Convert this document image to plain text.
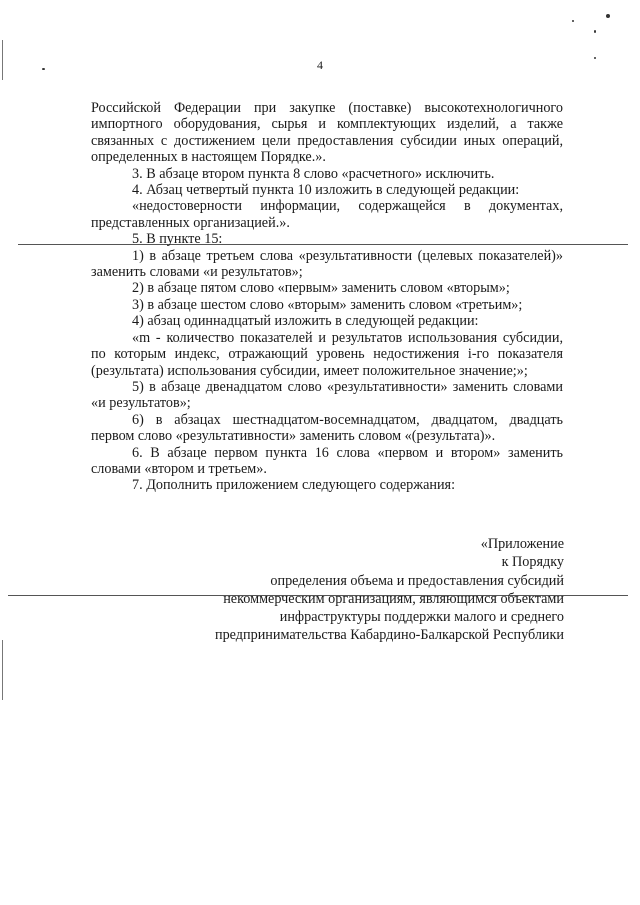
4

Российской Федерации при закупке (поставке) высокотехнологичного импортного оборудования, сырья и комплектующих изделий, а также связанных с достижением цели предоставления субсидии иных операций, определенных в настоящем Порядке.».

3. В абзаце втором пункта 8 слово «расчетного» исключить.

4. Абзац четвертый пункта 10 изложить в следующей редакции:

«недостоверности информации, содержащейся в документах, представленных организацией.».

5. В пункте 15:

1) в абзаце третьем слова «результативности (целевых показателей)» заменить словами «и результатов»;

2) в абзаце пятом слово «первым» заменить словом «вторым»;

3) в абзаце шестом слово «вторым» заменить словом «третьим»;

4) абзац одиннадцатый изложить в следующей редакции:

«m - количество показателей и результатов использования субсидии, по которым индекс, отражающий уровень недостижения i-го показателя (результата) использования субсидии, имеет положительное значение;»;

5) в абзаце двенадцатом слово «результативности» заменить словами «и результатов»;

6) в абзацах шестнадцатом-восемнадцатом, двадцатом, двадцать первом слово «результативности» заменить словом «(результата)».

6. В абзаце первом пункта 16 слова «первом и втором» заменить словами «втором и третьем».

7. Дополнить приложением следующего содержания:

«Приложение
к Порядку
определения объема и предоставления субсидий
некоммерческим организациям, являющимся объектами
инфраструктуры поддержки малого и среднего
предпринимательства Кабардино-Балкарской Республики
